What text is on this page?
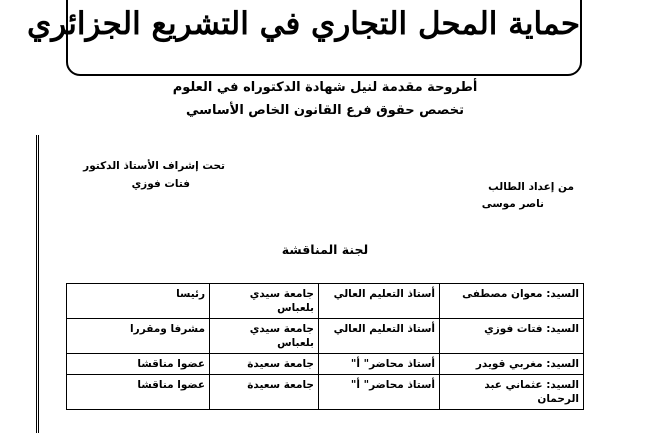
حماية المحل التجاري في التشريع الجزائري
أطروحة مقدمة لنيل شهادة الدكتوراه في العلوم
تخصص حقوق فرع القانون الخاص الأساسي
تحت إشراف الأستاذ الدكتور
فتات فوزي	من إعداد الطالب
ناصر موسى
لجنة المناقشة
السيد: معوان مصطفى	أستاذ التعليم العالي	جامعة سيدي بلعباس	رئيسا
السيد: فتات فوزي	أستاذ التعليم العالي	جامعة سيدي بلعباس	مشرفا ومقررا
السيد: مغربي قويدر	أستاذ محاضر" أ"	جامعة سعيدة	عضوا مناقشا
السيد: عثماني عبد الرحمان	أستاذ محاضر" أ"	جامعة سعيدة	عضوا مناقشا
